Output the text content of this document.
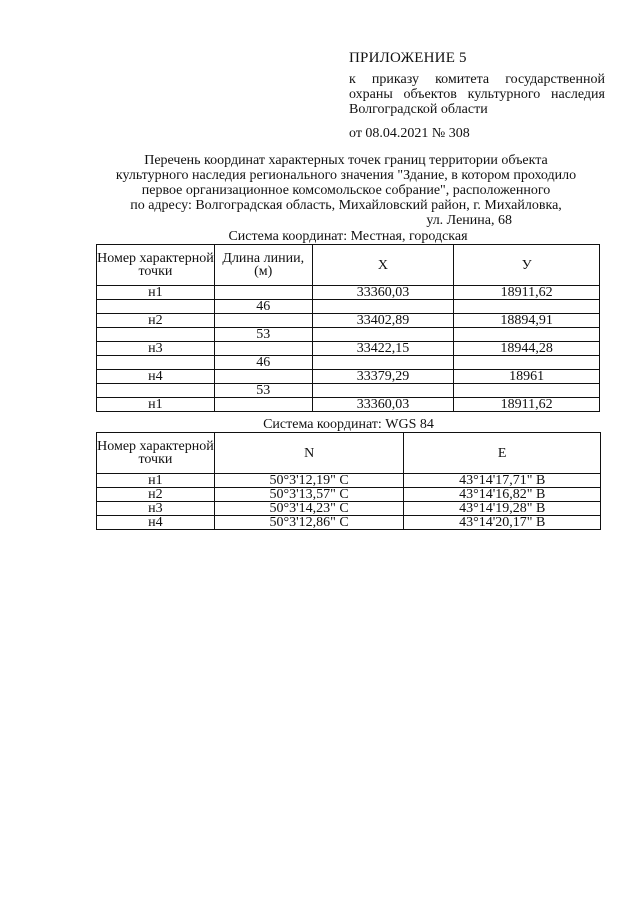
ПРИЛОЖЕНИЕ 5
к приказу комитета государственной
охраны объектов культурного наследия
Волгоградской области
от 08.04.2021 № 308
Перечень координат характерных точек границ территории объекта
культурного наследия регионального значения "Здание, в котором проходило
первое организационное комсомольское собрание", расположенного
по адресу: Волгоградская область, Михайловский район, г. Михайловка,
ул. Ленина, 68
Система координат: Местная, городская
Номер характерной точки	Длина линии, (м)	X	У
н1		33360,03	18911,62
	46		
н2		33402,89	18894,91
	53		
н3		33422,15	18944,28
	46		
н4		33379,29	18961
	53		
н1		33360,03	18911,62
Система координат: WGS 84
Номер характерной точки	N	E
н1	50°3'12,19" С	43°14'17,71" В
н2	50°3'13,57" С	43°14'16,82" В
н3	50°3'14,23" С	43°14'19,28" В
н4	50°3'12,86" С	43°14'20,17" В
